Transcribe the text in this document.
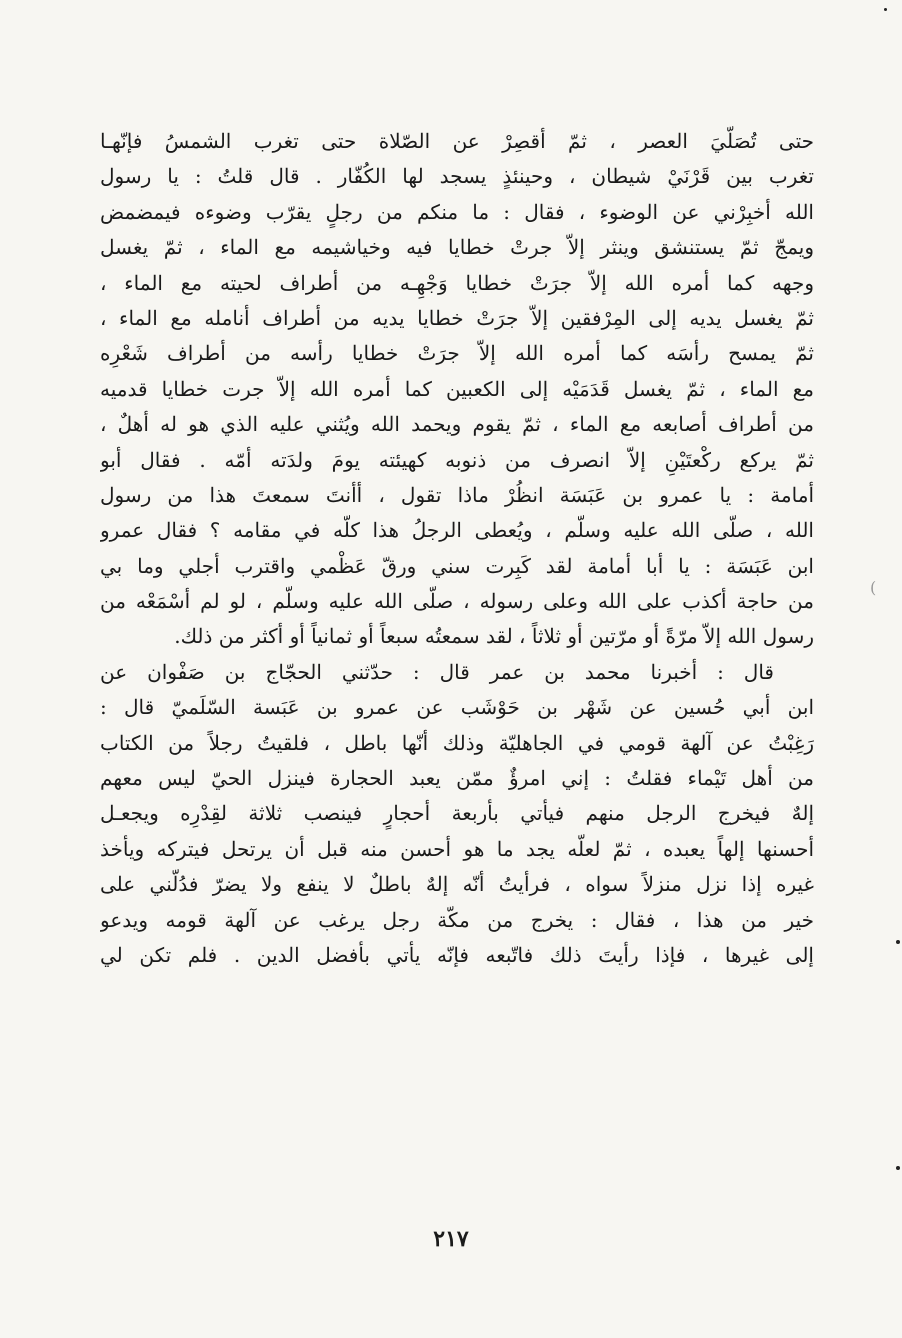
حتى تُصَلّيَ العصر ، ثمّ أقصِرْ عن الصّلاة حتى تغرب الشمسُ فإنّهـا
تغرب بين قَرْنَيْ شيطان ، وحينئذٍ يسجد لها الكُفّار . قال قلتُ : يا رسول
الله أخبِرْني عن الوضوء ، فقال : ما منكم من رجلٍ يقرّب وضوءه فيمضمض
ويمجّ ثمّ يستنشق وينثر إلاّ جرتْ خطايا فيه وخياشيمه مع الماء ، ثمّ يغسل
وجهه كما أمره الله إلاّ جرَتْ خطايا وَجْهِـه من أطراف لحيته مع الماء ،
ثمّ يغسل يديه إلى المِرْفقين إلاّ جرَتْ خطايا يديه من أطراف أنامله مع الماء ،
ثمّ يمسح رأسَه كما أمره الله إلاّ جرَتْ خطايا رأسه من أطراف شَعْرِه
مع الماء ، ثمّ يغسل قَدَمَيْه إلى الكعبين كما أمره الله إلاّ جرت خطايا قدميه
من أطراف أصابعه مع الماء ، ثمّ يقوم ويحمد الله ويُثني عليه الذي هو له أهلٌ ،
ثمّ يركع ركْعتَيْنِ إلاّ انصرف من ذنوبه كهيئته يومَ ولدَته أمّه . فقال أبو
أمامة : يا عمرو بن عَبَسَة انظُرْ ماذا تقول ، أأنتَ سمعتَ هذا من رسول
الله ، صلّى الله عليه وسلّم ، ويُعطى الرجلُ هذا كلّه في مقامه ؟ فقال عمرو
ابن عَبَسَة : يا أبا أمامة لقد كَبِرت سني ورقّ عَظْمي واقترب أجلي وما بي
من حاجة أكذب على الله وعلى رسوله ، صلّى الله عليه وسلّم ، لو لم أسْمَعْه من
رسول الله إلاّ مرّةً أو مرّتين أو ثلاثاً ، لقد سمعتُه سبعاً أو ثمانياً أو أكثر من ذلك.
قال : أخبرنا محمد بن عمر قال : حدّثني الحجّاج بن صَفْوان عن
ابن أبي حُسين عن شَهْر بن حَوْشَب عن عمرو بن عَبَسة السّلَميّ قال :
رَغِبْتُ عن آلهة قومي في الجاهليّة وذلك أنّها باطل ، فلقيتُ رجلاً من الكتاب
من أهل تَيْماء فقلتُ : إني امرؤٌ ممّن يعبد الحجارة فينزل الحيّ ليس معهم
إلهٌ فيخرج الرجل منهم فيأتي بأربعة أحجارٍ فينصب ثلاثة لقِدْرِه ويجعـل
أحسنها إلهاً يعبده ، ثمّ لعلّه يجد ما هو أحسن منه قبل أن يرتحل فيتركه ويأخذ
غيره إذا نزل منزلاً سواه ، فرأيتُ أنّه إلهٌ باطلٌ لا ينفع ولا يضرّ فدُلّني على
خير من هذا ، فقال : يخرج من مكّة رجل يرغب عن آلهة قومه ويدعو
إلى غيرها ، فإذا رأيتَ ذلك فاتّبعه فإنّه يأتي بأفضل الدين . فلم تكن لي
٢١٧
(
